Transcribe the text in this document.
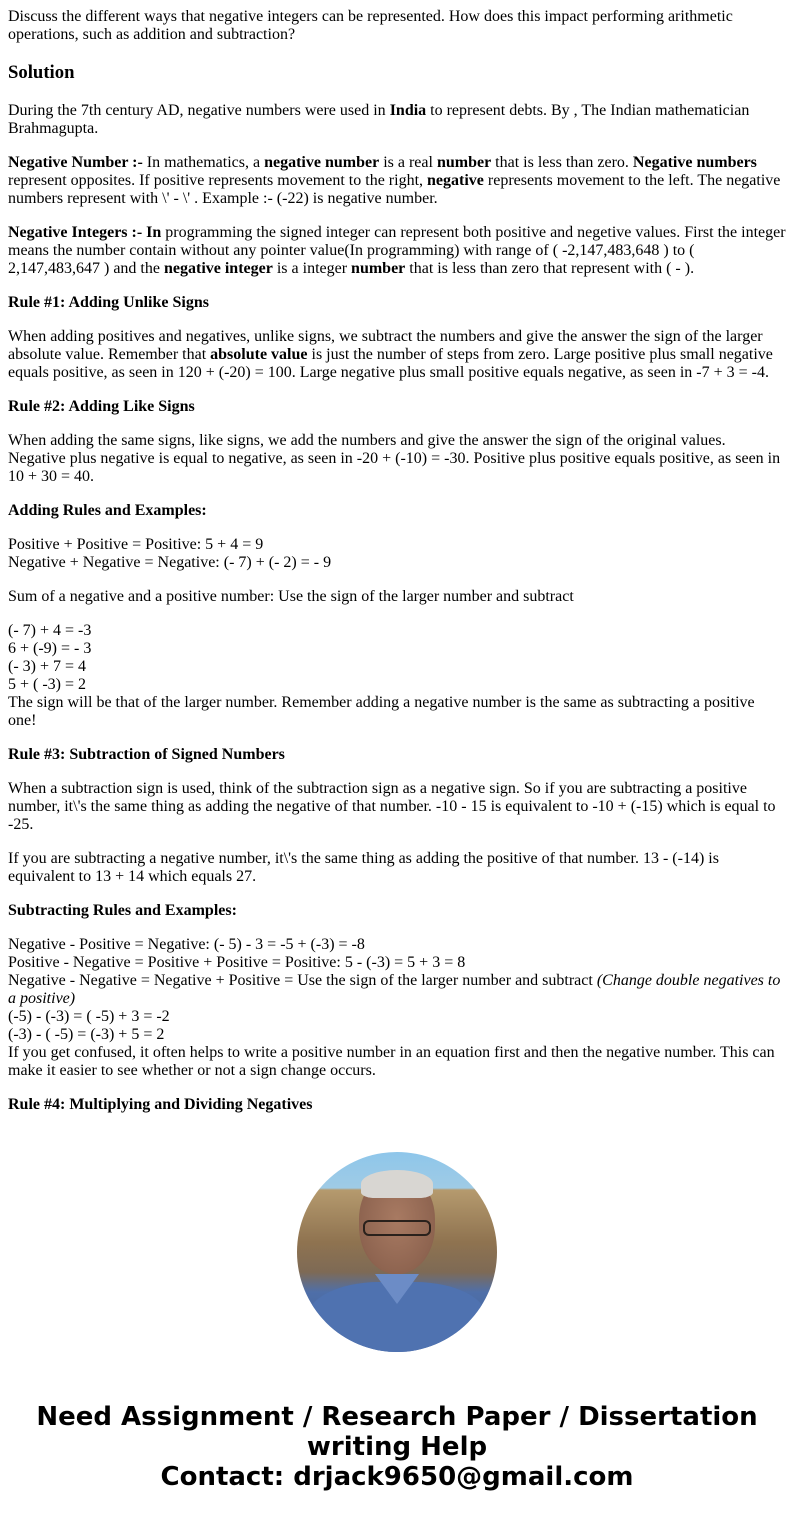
Discuss the different ways that negative integers can be represented. How does this impact performing arithmetic operations, such as addition and subtraction?

Solution

During the 7th century AD, negative numbers were used in India to represent debts. By , The Indian mathematician Brahmagupta.

Negative Number :- In mathematics, a negative number is a real number that is less than zero. Negative numbers represent opposites. If positive represents movement to the right, negative represents movement to the left. The negative numbers represent with \' - \' . Example :- (-22) is negative number.

Negative Integers :- In programming the signed integer can represent both positive and negetive values. First the integer means the number contain without any pointer value(In programming) with range of ( -2,147,483,648 ) to ( 2,147,483,647 ) and the negative integer is a integer number that is less than zero that represent with ( - ).

Rule #1: Adding Unlike Signs

When adding positives and negatives, unlike signs, we subtract the numbers and give the answer the sign of the larger absolute value. Remember that absolute value is just the number of steps from zero. Large positive plus small negative equals positive, as seen in 120 + (-20) = 100. Large negative plus small positive equals negative, as seen in -7 + 3 = -4.

Rule #2: Adding Like Signs

When adding the same signs, like signs, we add the numbers and give the answer the sign of the original values. Negative plus negative is equal to negative, as seen in -20 + (-10) = -30. Positive plus positive equals positive, as seen in 10 + 30 = 40.

Adding Rules and Examples:

Positive + Positive = Positive: 5 + 4 = 9
Negative + Negative = Negative: (- 7) + (- 2) = - 9

Sum of a negative and a positive number: Use the sign of the larger number and subtract

(- 7) + 4 = -3
6 + (-9) = - 3
(- 3) + 7 = 4
5 + ( -3) = 2
The sign will be that of the larger number. Remember adding a negative number is the same as subtracting a positive one!

Rule #3: Subtraction of Signed Numbers

When a subtraction sign is used, think of the subtraction sign as a negative sign. So if you are subtracting a positive number, it\'s the same thing as adding the negative of that number. -10 - 15 is equivalent to -10 + (-15) which is equal to -25.

If you are subtracting a negative number, it\'s the same thing as adding the positive of that number. 13 - (-14) is equivalent to 13 + 14 which equals 27.

Subtracting Rules and Examples:

Negative - Positive = Negative: (- 5) - 3 = -5 + (-3) = -8
Positive - Negative = Positive + Positive = Positive: 5 - (-3) = 5 + 3 = 8
Negative - Negative = Negative + Positive = Use the sign of the larger number and subtract (Change double negatives to a positive)
(-5) - (-3) = ( -5) + 3 = -2
(-3) - ( -5) = (-3) + 5 = 2
If you get confused, it often helps to write a positive number in an equation first and then the negative number. This can make it easier to see whether or not a sign change occurs.

Rule #4: Multiplying and Dividing Negatives

Need Assignment / Research Paper / Dissertation writing Help
Contact: drjack9650@gmail.com
